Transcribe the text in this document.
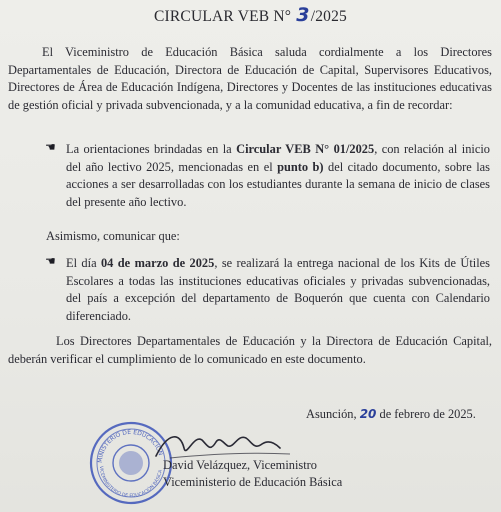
CIRCULAR VEB N° 3/2025
El Viceministro de Educación Básica saluda cordialmente a los Directores Departamentales de Educación, Directora de Educación de Capital, Supervisores Educativos, Directores de Área de Educación Indígena, Directores y Docentes de las instituciones educativas de gestión oficial y privada subvencionada, y a la comunidad educativa, a fin de recordar:
☚ La orientaciones brindadas en la Circular VEB N° 01/2025, con relación al inicio del año lectivo 2025, mencionadas en el punto b) del citado documento, sobre las acciones a ser desarrolladas con los estudiantes durante la semana de inicio de clases del presente año lectivo.
Asimismo, comunicar que:
☚ El día 04 de marzo de 2025, se realizará la entrega nacional de los Kits de Útiles Escolares a todas las instituciones educativas oficiales y privadas subvencionadas, del país a excepción del departamento de Boquerón que cuenta con Calendario diferenciado.
Los Directores Departamentales de Educación y la Directora de Educación Capital, deberán verificar el cumplimiento de lo comunicado en este documento.
Asunción, 20 de febrero de 2025.
MINISTERIO DE EDUCACIÓN
VICEMINISTERIO DE EDUCACIÓN BÁSICA David Velázquez, Viceministro
Viceministerio de Educación Básica
